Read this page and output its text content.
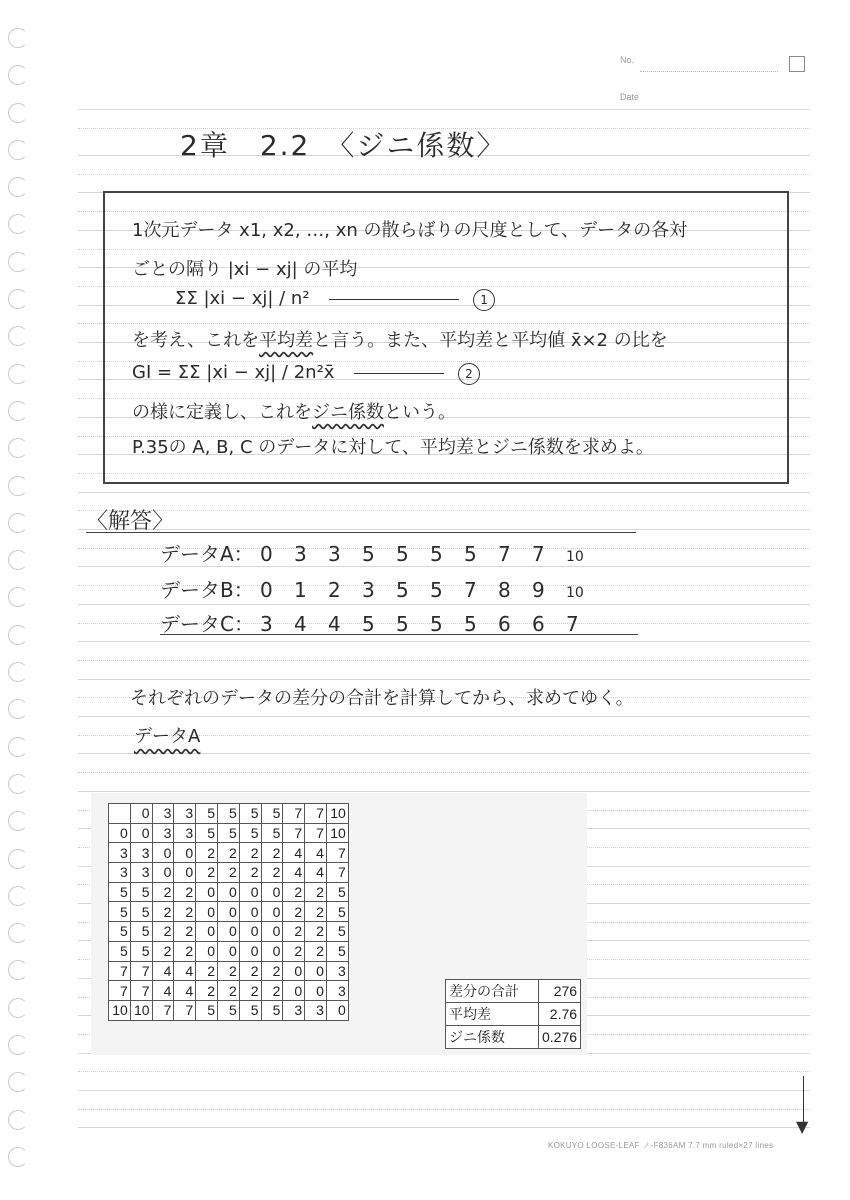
No.
Date
2章　2.2　〈ジニ係数〉
1次元データ x1, x2, …, xn の散らばりの尺度として、データの各対
ごとの隔り |xi − xj| の平均
ΣΣ |xi − xj| / n²	1
を考え、これを平均差と言う。また、平均差と平均値 x̄×2 の比を
GI = ΣΣ |xi − xj| / 2n²x̄	2
の様に定義し、これをジニ係数という。
P.35の A, B, C のデータに対して、平均差とジニ係数を求めよ。
〈解答〉
データA： 0 3 3 5 5 5 5 7 7 10
データB： 0 1 2 3 5 5 7 8 9 10
データC： 3 4 4 5 5 5 5 6 6 7
それぞれのデータの差分の合計を計算してから、求めてゆく。
データA
	0	3	3	5	5	5	5	7	7	10
0	0	3	3	5	5	5	5	7	7	10
3	3	0	0	2	2	2	2	4	4	7
3	3	0	0	2	2	2	2	4	4	7
5	5	2	2	0	0	0	0	2	2	5
5	5	2	2	0	0	0	0	2	2	5
5	5	2	2	0	0	0	0	2	2	5
5	5	2	2	0	0	0	0	2	2	5
7	7	4	4	2	2	2	2	0	0	3
7	7	4	4	2	2	2	2	0	0	3
10	10	7	7	5	5	5	5	3	3	0
差分の合計	276
平均差	2.76
ジニ係数	0.276
▼
KOKUYO LOOSE-LEAF ノ-F836AM 7.7 mm ruled×27 lines
